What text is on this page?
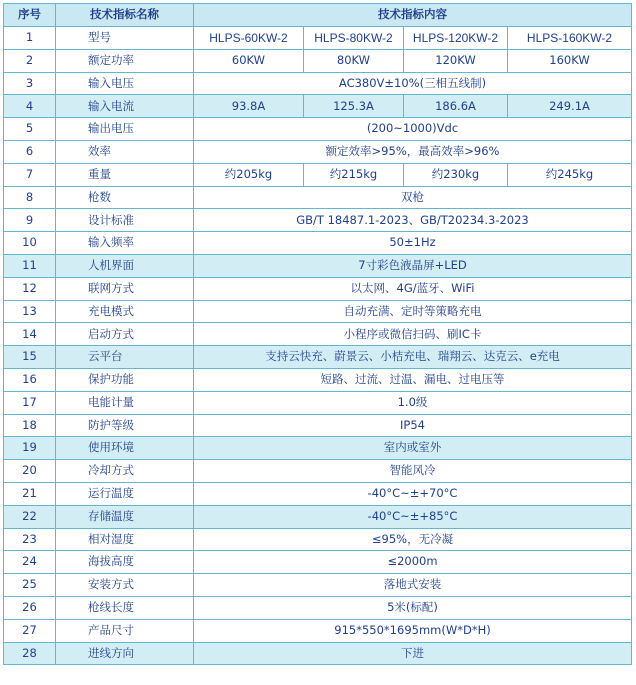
序号	技术指标名称	技术指标内容			
1	型号	HLPS-60KW-2	HLPS-80KW-2	HLPS-120KW-2	HLPS-160KW-2
2	额定功率	60KW	80KW	120KW	160KW
3	输入电压	AC380V±10%(三相五线制)			
4	输入电流	93.8A	125.3A	186.6A	249.1A
5	输出电压	(200~1000)Vdc			
6	效率	额定效率>95%，最高效率>96%			
7	重量	约205kg	约215kg	约230kg	约245kg
8	枪数	双枪			
9	设计标准	GB/T 18487.1-2023、GB/T20234.3-2023			
10	输入频率	50±1Hz			
11	人机界面	7寸彩色液晶屏+LED			
12	联网方式	以太网、4G/蓝牙、WiFi			
13	充电模式	自动充满、定时等策略充电			
14	启动方式	小程序或微信扫码、刷IC卡			
15	云平台	支持云快充、蔚景云、小桔充电、瑞翔云、达克云、e充电			
16	保护功能	短路、过流、过温、漏电、过电压等			
17	电能计量	1.0级			
18	防护等级	IP54			
19	使用环境	室内或室外			
20	冷却方式	智能风冷			
21	运行温度	-40°C~±+70°C			
22	存储温度	-40°C~±+85°C			
23	相对湿度	≤95%，无冷凝			
24	海拔高度	≤2000m			
25	安装方式	落地式安装			
26	枪线长度	5米(标配)			
27	产品尺寸	915*550*1695mm(W*D*H)			
28	进线方向	下进			
